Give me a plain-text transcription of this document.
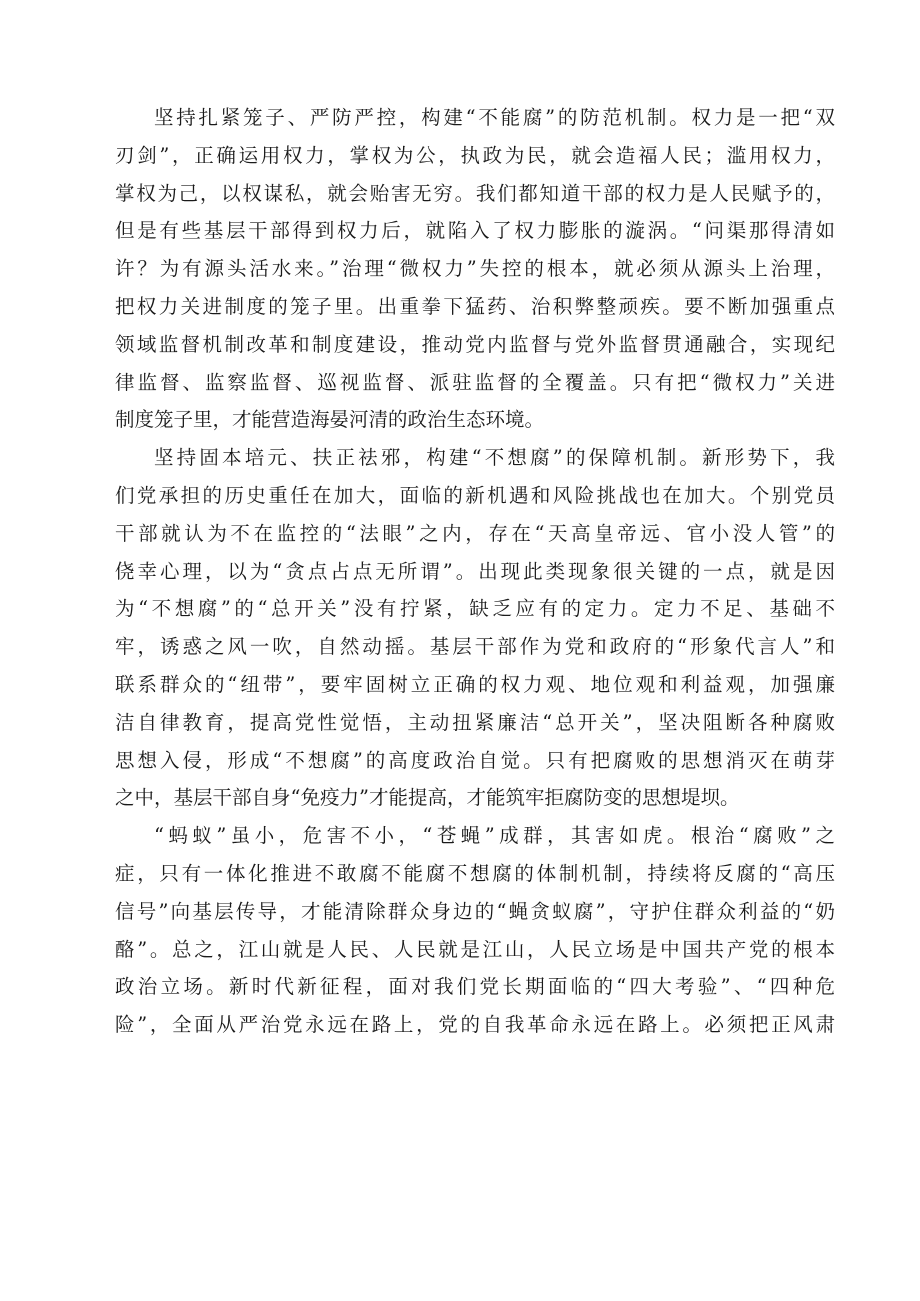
坚持扎紧笼子、严防严控，构建“不能腐”的防范机制。权力是一把“双
刃剑”，正确运用权力，掌权为公，执政为民，就会造福人民；滥用权力，
掌权为己，以权谋私，就会贻害无穷。我们都知道干部的权力是人民赋予的，
但是有些基层干部得到权力后，就陷入了权力膨胀的漩涡。“问渠那得清如
许？为有源头活水来。”治理“微权力”失控的根本，就必须从源头上治理，
把权力关进制度的笼子里。出重拳下猛药、治积弊整顽疾。要不断加强重点
领域监督机制改革和制度建设，推动党内监督与党外监督贯通融合，实现纪
律监督、监察监督、巡视监督、派驻监督的全覆盖。只有把“微权力”关进
制度笼子里，才能营造海晏河清的政治生态环境。
坚持固本培元、扶正祛邪，构建“不想腐”的保障机制。新形势下，我
们党承担的历史重任在加大，面临的新机遇和风险挑战也在加大。个别党员
干部就认为不在监控的“法眼”之内，存在“天高皇帝远、官小没人管”的
侥幸心理，以为“贪点占点无所谓”。出现此类现象很关键的一点，就是因
为“不想腐”的“总开关”没有拧紧，缺乏应有的定力。定力不足、基础不
牢，诱惑之风一吹，自然动摇。基层干部作为党和政府的“形象代言人”和
联系群众的“纽带”，要牢固树立正确的权力观、地位观和利益观，加强廉
洁自律教育，提高党性觉悟，主动扭紧廉洁“总开关”，坚决阻断各种腐败
思想入侵，形成“不想腐”的高度政治自觉。只有把腐败的思想消灭在萌芽
之中，基层干部自身“免疫力”才能提高，才能筑牢拒腐防变的思想堤坝。
“蚂蚁”虽小，危害不小，“苍蝇”成群，其害如虎。根治“腐败”之
症，只有一体化推进不敢腐不能腐不想腐的体制机制，持续将反腐的“高压
信号”向基层传导，才能清除群众身边的“蝇贪蚁腐”，守护住群众利益的“奶
酪”。总之，江山就是人民、人民就是江山，人民立场是中国共产党的根本
政治立场。新时代新征程，面对我们党长期面临的“四大考验”、“四种危
险”，全面从严治党永远在路上，党的自我革命永远在路上。必须把正风肃
